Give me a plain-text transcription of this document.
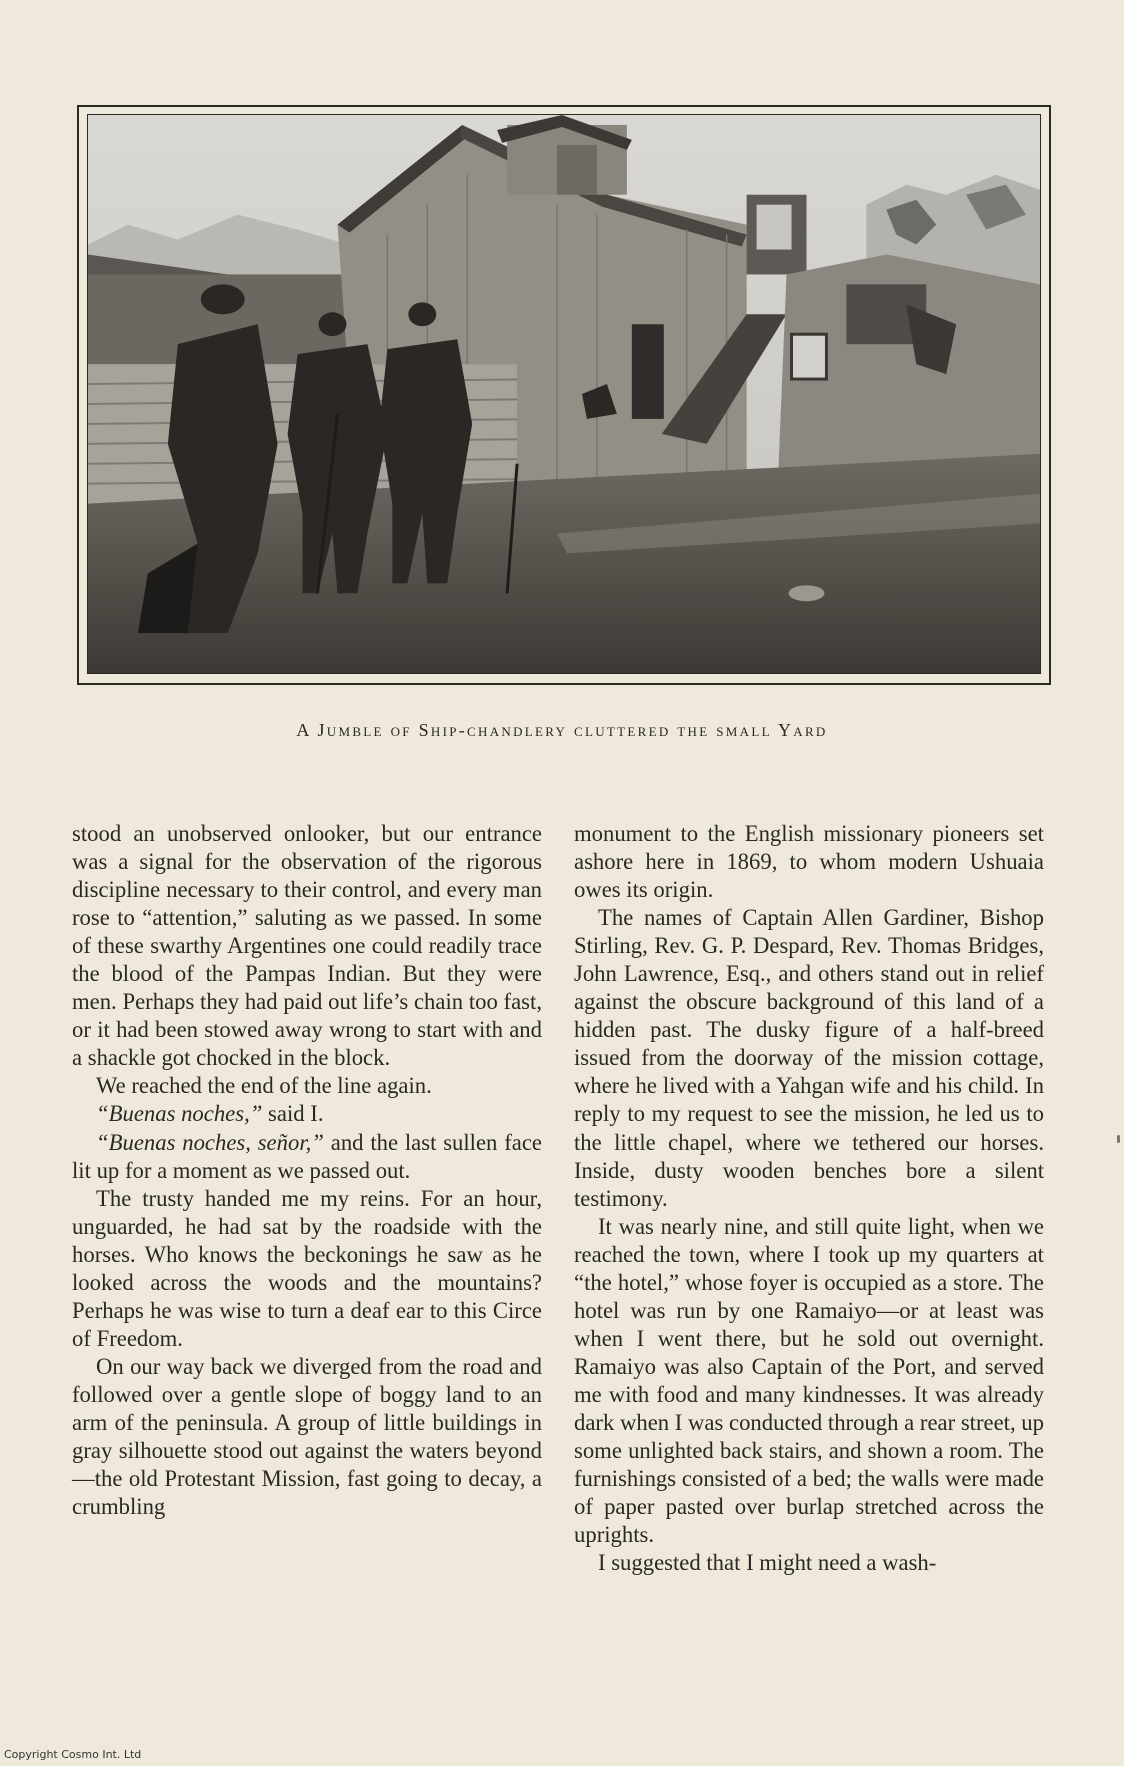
A Jumble of Ship-chandlery cluttered the small Yard

stood an unobserved onlooker, but our entrance was a signal for the observation of the rigorous discipline necessary to their control, and every man rose to “attention,” saluting as we passed. In some of these swarthy Argentines one could readily trace the blood of the Pampas Indian. But they were men. Perhaps they had paid out life’s chain too fast, or it had been stowed away wrong to start with and a shackle got chocked in the block.

We reached the end of the line again.

“Buenas noches,” said I.

“Buenas noches, señor,” and the last sullen face lit up for a moment as we passed out.

The trusty handed me my reins. For an hour, unguarded, he had sat by the roadside with the horses. Who knows the beckonings he saw as he looked across the woods and the mountains? Perhaps he was wise to turn a deaf ear to this Circe of Freedom.

On our way back we diverged from the road and followed over a gentle slope of boggy land to an arm of the peninsula. A group of little buildings in gray silhouette stood out against the waters beyond—the old Protestant Mission, fast going to decay, a crumbling

monument to the English missionary pioneers set ashore here in 1869, to whom modern Ushuaia owes its origin.

The names of Captain Allen Gardiner, Bishop Stirling, Rev. G. P. Despard, Rev. Thomas Bridges, John Lawrence, Esq., and others stand out in relief against the obscure background of this land of a hidden past. The dusky figure of a half-breed issued from the doorway of the mission cottage, where he lived with a Yahgan wife and his child. In reply to my request to see the mission, he led us to the little chapel, where we tethered our horses. Inside, dusty wooden benches bore a silent testimony.

It was nearly nine, and still quite light, when we reached the town, where I took up my quarters at “the hotel,” whose foyer is occupied as a store. The hotel was run by one Ramaiyo—or at least was when I went there, but he sold out overnight. Ramaiyo was also Captain of the Port, and served me with food and many kindnesses. It was already dark when I was conducted through a rear street, up some unlighted back stairs, and shown a room. The furnishings consisted of a bed; the walls were made of paper pasted over burlap stretched across the uprights.

I suggested that I might need a wash-

Copyright Cosmo Int. Ltd
